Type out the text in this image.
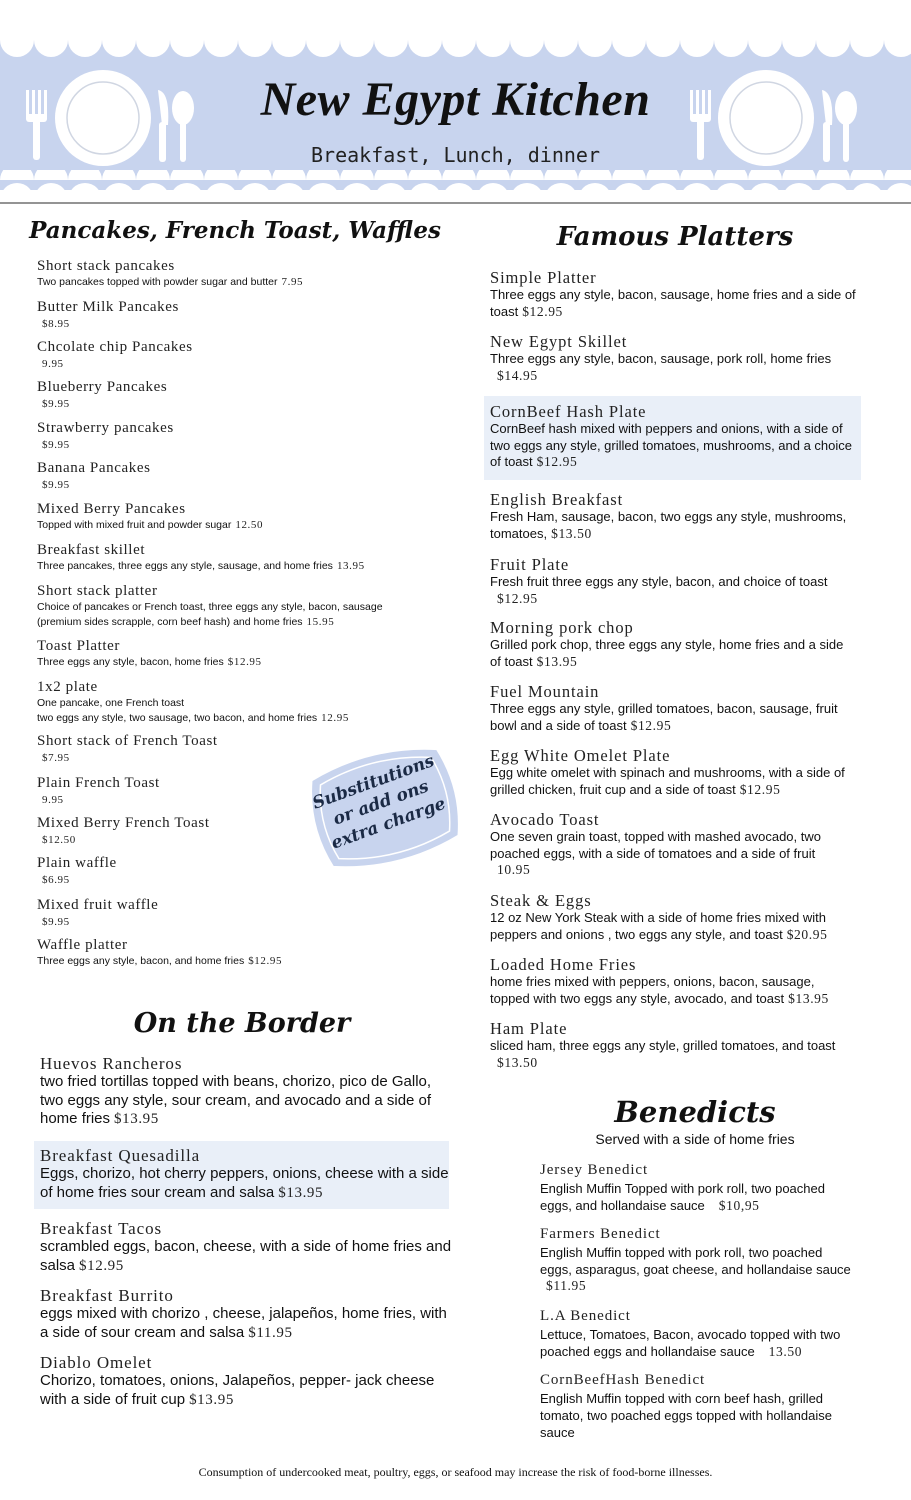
New Egypt Kitchen
Breakfast, Lunch, dinner
Pancakes, French Toast, Waffles	Famous Platters
On the Border
Benedicts
Served with a side of home fries
Short stack pancakes
Two pancakes topped with powder sugar and butter 7.95
Butter Milk Pancakes
$8.95
Chcolate chip Pancakes
9.95
Blueberry Pancakes
$9.95
Strawberry pancakes
$9.95
Banana Pancakes
$9.95
Mixed Berry Pancakes
Topped with mixed fruit and powder sugar 12.50
Breakfast skillet
Three pancakes, three eggs any style, sausage, and home fries 13.95
Short stack platter
Choice of pancakes or French toast, three eggs any style, bacon, sausage
(premium sides scrapple, corn beef hash) and home fries 15.95
Toast Platter
Three eggs any style, bacon, home fries $12.95
1x2 plate
One pancake, one French toast
two eggs any style, two sausage, two bacon, and home fries 12.95
Short stack of French Toast
$7.95
Plain French Toast
9.95
Mixed Berry French Toast
$12.50
Plain waffle
$6.95
Mixed fruit waffle
$9.95
Waffle platter
Three eggs any style, bacon, and home fries $12.95
Substitutions or add ons extra charge
Huevos Rancheros
two fried tortillas topped with beans, chorizo, pico de Gallo,
two eggs any style, sour cream, and avocado and a side of
home fries $13.95
Breakfast Quesadilla
Eggs, chorizo, hot cherry peppers, onions, cheese with a side
of home fries sour cream and salsa $13.95
Breakfast Tacos
scrambled eggs, bacon, cheese, with a side of home fries and
salsa $12.95
Breakfast Burrito
eggs mixed with chorizo , cheese, jalapeños, home fries, with
a side of sour cream and salsa $11.95
Diablo Omelet
Chorizo, tomatoes, onions, Jalapeños, pepper- jack cheese
with a side of fruit cup $13.95
Simple Platter
Three eggs any style, bacon, sausage, home fries and a side of
toast $12.95
New Egypt Skillet
Three eggs any style, bacon, sausage, pork roll, home fries
$14.95
CornBeef Hash Plate
CornBeef hash mixed with peppers and onions, with a side of
two eggs any style, grilled tomatoes, mushrooms, and a choice
of toast $12.95
English Breakfast
Fresh Ham, sausage, bacon, two eggs any style, mushrooms,
tomatoes, $13.50
Fruit Plate
Fresh fruit three eggs any style, bacon, and choice of toast
$12.95
Morning pork chop
Grilled pork chop, three eggs any style, home fries and a side
of toast $13.95
Fuel Mountain
Three eggs any style, grilled tomatoes, bacon, sausage, fruit
bowl and a side of toast $12.95
Egg White Omelet Plate
Egg white omelet with spinach and mushrooms, with a side of
grilled chicken, fruit cup and a side of toast $12.95
Avocado Toast
One seven grain toast, topped with mashed avocado, two
poached eggs, with a side of tomatoes and a side of fruit
10.95
Steak & Eggs
12 oz New York Steak with a side of home fries mixed with
peppers and onions , two eggs any style, and toast $20.95
Loaded Home Fries
home fries mixed with peppers, onions, bacon, sausage,
topped with two eggs any style, avocado, and toast $13.95
Ham Plate
sliced ham, three eggs any style, grilled tomatoes, and toast
$13.50
Jersey Benedict
English Muffin Topped with pork roll, two poached
eggs, and hollandaise sauce $10,95
Farmers Benedict
English Muffin topped with pork roll, two poached
eggs, asparagus, goat cheese, and hollandaise sauce
$11.95
L.A Benedict
Lettuce, Tomatoes, Bacon, avocado topped with two
poached eggs and hollandaise sauce 13.50
CornBeefHash Benedict
English Muffin topped with corn beef hash, grilled
tomato, two poached eggs topped with hollandaise
sauce
Consumption of undercooked meat, poultry, eggs, or seafood may increase the risk of food-borne illnesses.
